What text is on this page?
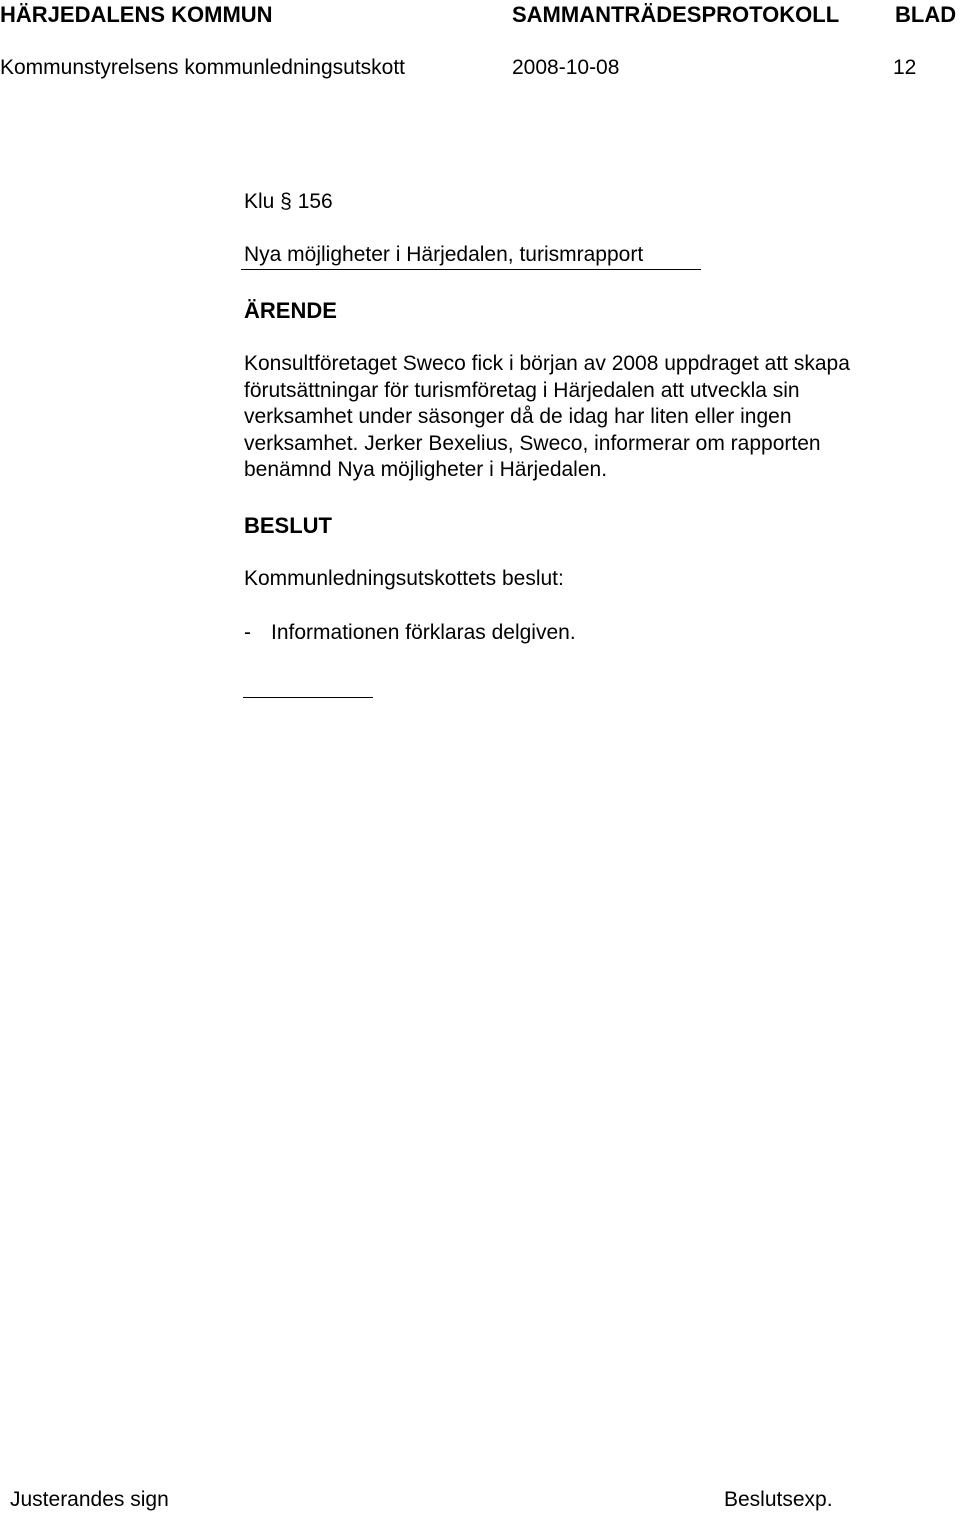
HÄRJEDALENS KOMMUN	SAMMANTRÄDESPROTOKOLL	BLAD
Kommunstyrelsens kommunledningsutskott	2008-10-08	12
Klu § 156
Nya möjligheter i Härjedalen, turismrapport
ÄRENDE
Konsultföretaget Sweco fick i början av 2008 uppdraget att skapa
förutsättningar för turismföretag i Härjedalen att utveckla sin
verksamhet under säsonger då de idag har liten eller ingen
verksamhet. Jerker Bexelius, Sweco, informerar om rapporten
benämnd Nya möjligheter i Härjedalen.
BESLUT
Kommunledningsutskottets beslut:
- Informationen förklaras delgiven.
Justerandes sign	Beslutsexp.
